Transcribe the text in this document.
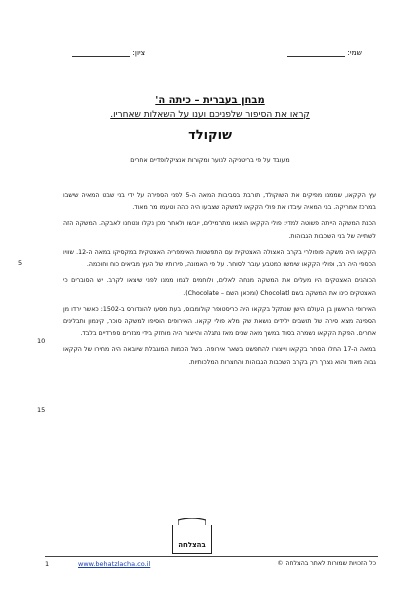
שמי:
ציון:
מבחן בעברית – כיתה ה'
קראו את הסיפור שלפניכם וענו על השאלות שאחריו.
שוקולד
מעובד על פי בריטניקה לנוער ומקורות אנציקלופדיים אחרים

עץ הקקאו, שממנו מפיקים את השוקולד, תורבת בסביבות המאה ה-5 לפני הספירה על ידי בני שבט המאיה שישבו במרכז אמריקה. בני המאיה עיבדו את פולי הקקאו למשקה שצבעו היה כהה וטעמו מר מאוד.

הכנת המשקה הייתה פשוטה למדי: פולי הקקאו הוצאו מתרמילים, יובשו ולאחר מכן נקלו ונטחנו לאבקה. המשקה הזה לשתייה של בני השכבות הגבוהות.

הקקאו היה משקה פופולרי בקרב האצולה האצטקית עם התפשטות האימפריה האצטקית במקסיקו במאה ה-12. שוויו הכספי היה רב, ופולי הקקאו שימשו כמטבע עובר לסוחר. על פי האמונה, פירותיו של העץ מביאים כוח וחוכמה.

הכוהנים האצטקים היו מעלים את המשקה מנחה לאלים, ולוחמים לגמו ממנו לפני שיצאו לקרב. יש הסוברים כי האצטקים כינו את המשקה בשם Chocolatl (ומכאן השם – Chocolate).

האירופי הראשון בן העולם הישן שנתקל בקקאו היה כריסטופר קולומבוס, בעת מסעו להונדורס ב-1502: כאשר ירדו מן הספינה מצא סירה של תושבים ילידים נושאת שק מלא פולי קקאו. האירופים הוסיפו למשקה סוכר, קינמון ותבלינים אחרים. הפקת הקקאו נשמרה בסוד במשך מאה שנים מאז נתגלה והייצור היה מוחזק בידי מנזרים ספרדיים בלבד.

במאה ה-17 החלו הסחר בקקאו וייצורו להתפשט בשאר אירופה. בשל הכמות המוגבלת שיובאה היה מחירו של הקקאו גבוה מאוד והוא נצרך רק בקרב השכבות הגבוהות והחצרות המלכותיות.

5
10
15
בהצלחה
1	www.behatzlacha.co.il	כל הזכויות שמורות לאתר בהצלחה ©
